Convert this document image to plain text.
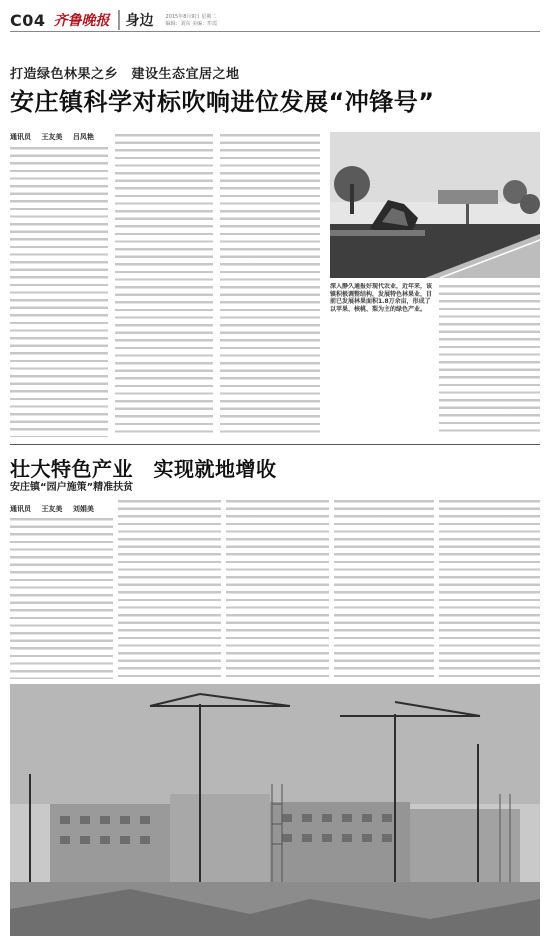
C04 齐鲁晚报	身边 2015年8月9日 星期二
编辑：刘东 美编：牟霞
打造绿色林果之乡　建设生态宜居之地
安庄镇科学对标吹响进位发展“冲锋号”
通讯员 王友美 吕凤艳
深入静久通报好现代农业，近年来，该镇积极调整结构，发展特色林果业，目前已发展林果面积1.8万余亩，形成了以苹果、核桃、梨为主的绿色产业。
壮大特色产业　实现就地增收
安庄镇“园户施策”精准扶贫
通讯员 王友美 刘娟美
